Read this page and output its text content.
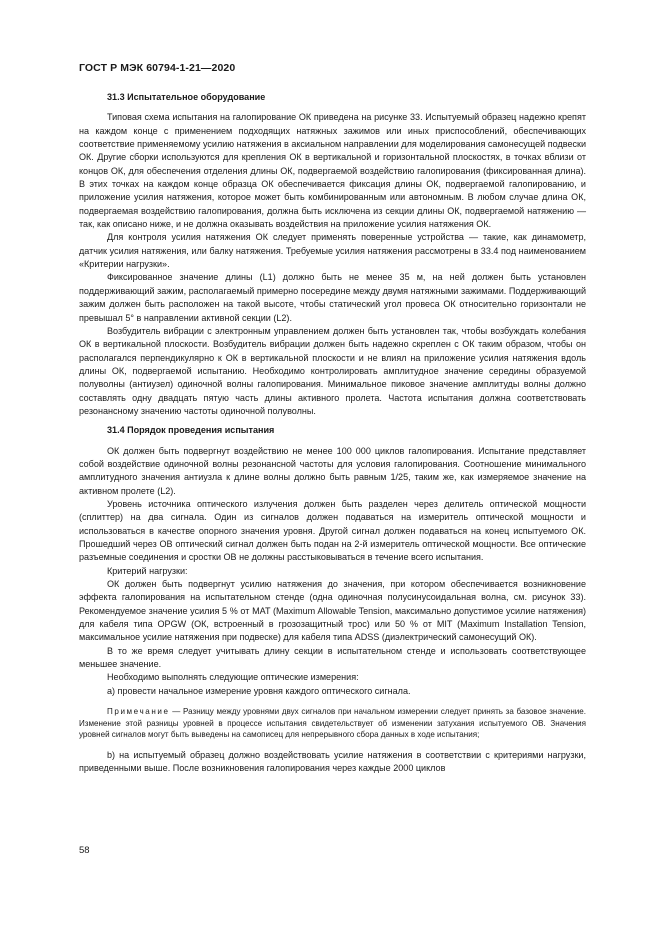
ГОСТ Р МЭК 60794-1-21—2020
31.3 Испытательное оборудование

Типовая схема испытания на галопирование ОК приведена на рисунке 33. Испытуемый образец надежно крепят на каждом конце с применением подходящих натяжных зажимов или иных приспособлений, обеспечивающих соответствие применяемому усилию натяжения в аксиальном направлении для моделирования самонесущей подвески ОК. Другие сборки используются для крепления ОК в вертикальной и горизонтальной плоскостях, в точках вблизи от концов ОК, для обеспечения отделения длины ОК, подвергаемой воздействию галопирования (фиксированная длина). В этих точках на каждом конце образца ОК обеспечивается фиксация длины ОК, подвергаемой галопированию, и приложение усилия натяжения, которое может быть комбинированным или автономным. В любом случае длина ОК, подвергаемая воздействию галопирования, должна быть исключена из секции длины ОК, подвергаемой натяжению — так, как описано ниже, и не должна оказывать воздействия на приложение усилия натяжения ОК.

Для контроля усилия натяжения ОК следует применять поверенные устройства — такие, как динамометр, датчик усилия натяжения, или балку натяжения. Требуемые усилия натяжения рассмотрены в 33.4 под наименованием «Критерии нагрузки».

Фиксированное значение длины (L1) должно быть не менее 35 м, на ней должен быть установлен поддерживающий зажим, располагаемый примерно посередине между двумя натяжными зажимами. Поддерживающий зажим должен быть расположен на такой высоте, чтобы статический угол провеса ОК относительно горизонтали не превышал 5° в направлении активной секции (L2).

Возбудитель вибрации с электронным управлением должен быть установлен так, чтобы возбуждать колебания ОК в вертикальной плоскости. Возбудитель вибрации должен быть надежно скреплен с ОК таким образом, чтобы он располагался перпендикулярно к ОК в вертикальной плоскости и не влиял на приложение усилия натяжения вдоль длины ОК, подвергаемой испытанию. Необходимо контролировать амплитудное значение середины образуемой полуволны (антиузел) одиночной волны галопирования. Минимальное пиковое значение амплитуды волны должно составлять одну двадцать пятую часть длины активного пролета. Частота испытания должна соответствовать резонансному значению частоты одиночной полуволны.

31.4 Порядок проведения испытания

ОК должен быть подвергнут воздействию не менее 100 000 циклов галопирования. Испытание представляет собой воздействие одиночной волны резонансной частоты для условия галопирования. Соотношение минимального амплитудного значения антиузла к длине волны должно быть равным 1/25, таким же, как измеряемое значение на активном пролете (L2).

Уровень источника оптического излучения должен быть разделен через делитель оптической мощности (сплиттер) на два сигнала. Один из сигналов должен подаваться на измеритель оптической мощности и использоваться в качестве опорного значения уровня. Другой сигнал должен подаваться на конец испытуемого ОК. Прошедший через ОВ оптический сигнал должен быть подан на 2-й измеритель оптической мощности. Все оптические разъемные соединения и сростки ОВ не должны расстыковываться в течение всего испытания.

Критерий нагрузки:

ОК должен быть подвергнут усилию натяжения до значения, при котором обеспечивается возникновение эффекта галопирования на испытательном стенде (одна одиночная полусинусоидальная волна, см. рисунок 33). Рекомендуемое значение усилия 5 % от MAT (Maximum Allowable Tension, максимально допустимое усилие натяжения) для кабеля типа OPGW (ОК, встроенный в грозозащитный трос) или 50 % от MIT (Maximum Installation Tension, максимальное усилие натяжения при подвеске) для кабеля типа ADSS (диэлектрический самонесущий ОК).

В то же время следует учитывать длину секции в испытательном стенде и использовать соответствующее меньшее значение.

Необходимо выполнять следующие оптические измерения:

a) провести начальное измерение уровня каждого оптического сигнала.

Примечание — Разницу между уровнями двух сигналов при начальном измерении следует принять за базовое значение. Изменение этой разницы уровней в процессе испытания свидетельствует об изменении затухания испытуемого ОВ. Значения уровней сигналов могут быть выведены на самописец для непрерывного сбора данных в ходе испытания;

b) на испытуемый образец должно воздействовать усилие натяжения в соответствии с критериями нагрузки, приведенными выше. После возникновения галопирования через каждые 2000 циклов

58
